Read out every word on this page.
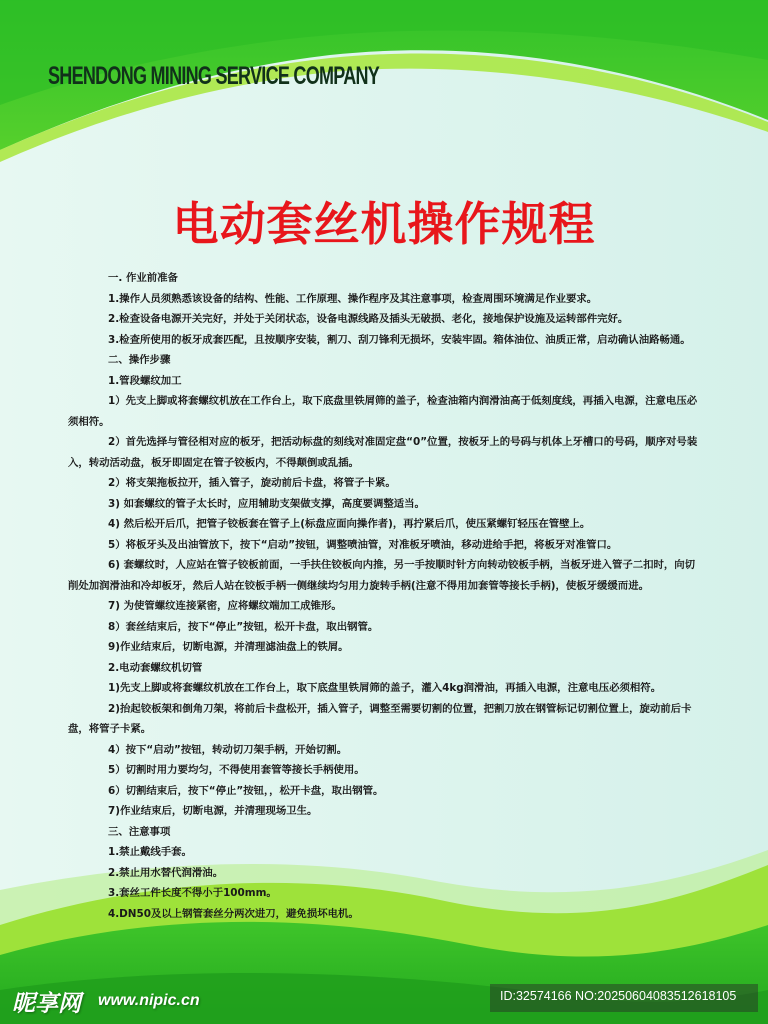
SHENDONG MINING SERVICE COMPANY
电动套丝机操作规程

一. 作业前准备

1.操作人员须熟悉该设备的结构、性能、工作原理、操作程序及其注意事项，检查周围环境满足作业要求。

2.检查设备电源开关完好，并处于关闭状态，设备电源线路及插头无破损、老化，接地保护设施及运转部件完好。

3.检查所使用的板牙成套匹配，且按顺序安装，割刀、刮刀锋利无损坏，安装牢固。箱体油位、油质正常，启动确认油路畅通。

二、操作步骤

1.管段螺纹加工

1）先支上脚或将套螺纹机放在工作台上，取下底盘里铁屑筛的盖子，检查油箱内润滑油高于低刻度线，再插入电源，注意电压必须相符。

2）首先选择与管径相对应的板牙，把活动标盘的刻线对准固定盘“0”位置，按板牙上的号码与机体上牙槽口的号码，顺序对号装入，转动活动盘，板牙即固定在管子铰板内，不得颠倒或乱插。

2）将支架拖板拉开，插入管子，旋动前后卡盘，将管子卡紧。

3) 如套螺纹的管子太长时，应用辅助支架做支撑，高度要调整适当。

4) 然后松开后爪，把管子铰板套在管子上(标盘应面向操作者)，再拧紧后爪，使压紧螺钉轻压在管壁上。

5）将板牙头及出油管放下，按下“启动”按钮，调整喷油管，对准板牙喷油，移动进给手把，将板牙对准管口。

6) 套螺纹时，人应站在管子铰板前面，一手扶住铰板向内推，另一手按顺时针方向转动铰板手柄，当板牙进入管子二扣时，向切削处加润滑油和冷却板牙，然后人站在铰板手柄一侧继续均匀用力旋转手柄(注意不得用加套管等接长手柄)，使板牙缓缓而进。

7) 为使管螺纹连接紧密，应将螺纹端加工成锥形。

8）套丝结束后，按下“停止”按钮，松开卡盘，取出钢管。

9)作业结束后，切断电源，并清理滤油盘上的铁屑。

2.电动套螺纹机切管

1)先支上脚或将套螺纹机放在工作台上，取下底盘里铁屑筛的盖子，灌入4kg润滑油，再插入电源，注意电压必须相符。

2)抬起铰板架和倒角刀架，将前后卡盘松开，插入管子，调整至需要切割的位置，把割刀放在钢管标记切割位置上，旋动前后卡盘，将管子卡紧。

4）按下“启动”按钮，转动切刀架手柄，开始切割。

5）切割时用力要均匀，不得使用套管等接长手柄使用。

6）切割结束后，按下“停止”按钮，，松开卡盘，取出钢管。

7)作业结束后，切断电源，并清理现场卫生。

三、注意事项

1.禁止戴线手套。

2.禁止用水替代润滑油。

3.套丝工件长度不得小于100mm。

4.DN50及以上钢管套丝分两次进刀，避免损坏电机。

昵享网 www.nipic.cn	ID:32574166 NO:20250604083512618105
